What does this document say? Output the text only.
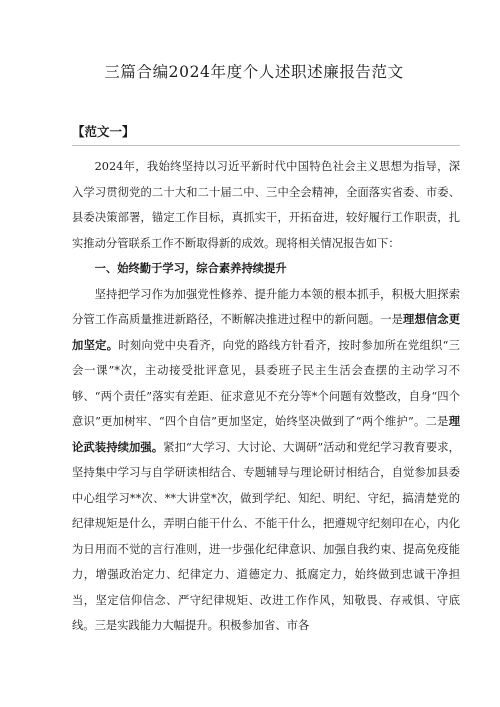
三篇合编2024年度个人述职述廉报告范文
【范文一】

2024年，我始终坚持以习近平新时代中国特色社会主义思想为指导，深入学习贯彻党的二十大和二十届二中、三中全会精神，全面落实省委、市委、县委决策部署，锚定工作目标，真抓实干，开拓奋进，较好履行工作职责，扎实推动分管联系工作不断取得新的成效。现将相关情况报告如下：

一、始终勤于学习，综合素养持续提升

坚持把学习作为加强党性修养、提升能力本领的根本抓手，积极大胆探索分管工作高质量推进新路径，不断解决推进过程中的新问题。一是理想信念更加坚定。时刻向党中央看齐，向党的路线方针看齐，按时参加所在党组织“三会一课”*次，主动接受批评意见，县委班子民主生活会查摆的主动学习不够、“两个责任”落实有差距、征求意见不充分等*个问题有效整改，自身“四个意识”更加树牢、“四个自信”更加坚定，始终坚决做到了“两个维护”。二是理论武装持续加强。紧扣“大学习、大讨论、大调研”活动和党纪学习教育要求，坚持集中学习与自学研读相结合、专题辅导与理论研讨相结合，自觉参加县委中心组学习**次、**大讲堂*次，做到学纪、知纪、明纪、守纪，搞清楚党的纪律规矩是什么，弄明白能干什么、不能干什么，把遵规守纪刻印在心，内化为日用而不觉的言行准则，进一步强化纪律意识、加强自我约束、提高免疫能力，增强政治定力、纪律定力、道德定力、抵腐定力，始终做到忠诚干净担当，坚定信仰信念、严守纪律规矩、改进工作作风，知敬畏、存戒惧、守底线。三是实践能力大幅提升。积极参加省、市各
